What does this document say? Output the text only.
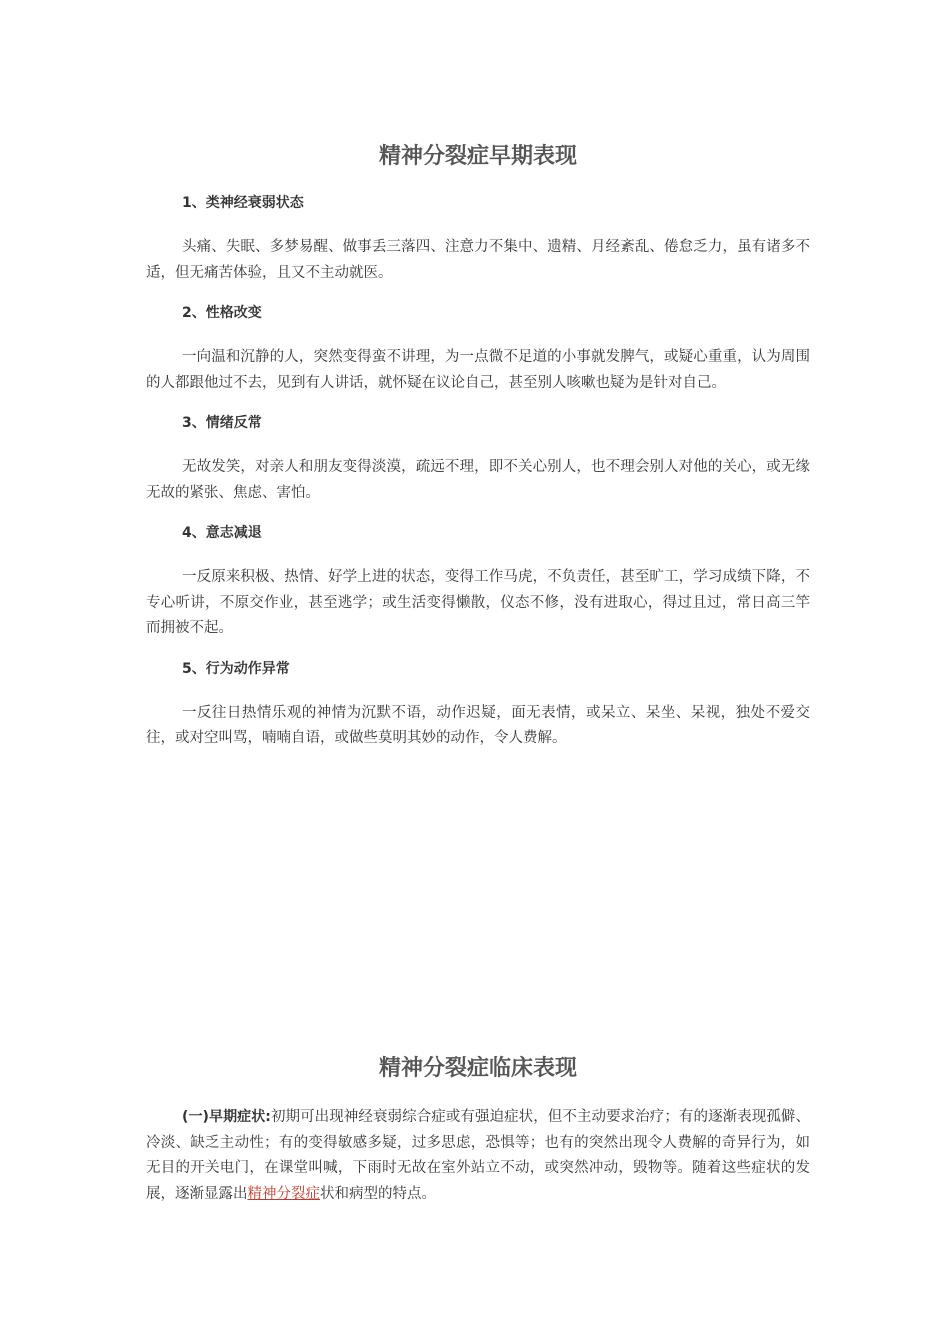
精神分裂症早期表现
1、类神经衰弱状态

头痛、失眠、多梦易醒、做事丢三落四、注意力不集中、遗精、月经紊乱、倦怠乏力，虽有诸多不适，但无痛苦体验，且又不主动就医。

2、性格改变

一向温和沉静的人，突然变得蛮不讲理，为一点微不足道的小事就发脾气，或疑心重重，认为周围的人都跟他过不去，见到有人讲话，就怀疑在议论自己，甚至别人咳嗽也疑为是针对自己。

3、情绪反常

无故发笑，对亲人和朋友变得淡漠，疏远不理，即不关心别人，也不理会别人对他的关心，或无缘无故的紧张、焦虑、害怕。

4、意志减退

一反原来积极、热情、好学上进的状态，变得工作马虎，不负责任，甚至旷工，学习成绩下降，不专心听讲，不原交作业，甚至逃学；或生活变得懒散，仪态不修，没有进取心，得过且过，常日高三竿而拥被不起。

5、行为动作异常

一反往日热情乐观的神情为沉默不语，动作迟疑，面无表情，或呆立、呆坐、呆视，独处不爱交往，或对空叫骂，喃喃自语，或做些莫明其妙的动作，令人费解。

精神分裂症临床表现

(一)早期症状:初期可出现神经衰弱综合症或有强迫症状，但不主动要求治疗；有的逐渐表现孤僻、冷淡、缺乏主动性；有的变得敏感多疑，过多思虑，恐惧等；也有的突然出现令人费解的奇异行为，如无目的开关电门，在课堂叫喊，下雨时无故在室外站立不动，或突然冲动，毁物等。随着这些症状的发展，逐渐显露出精神分裂症状和病型的特点。
